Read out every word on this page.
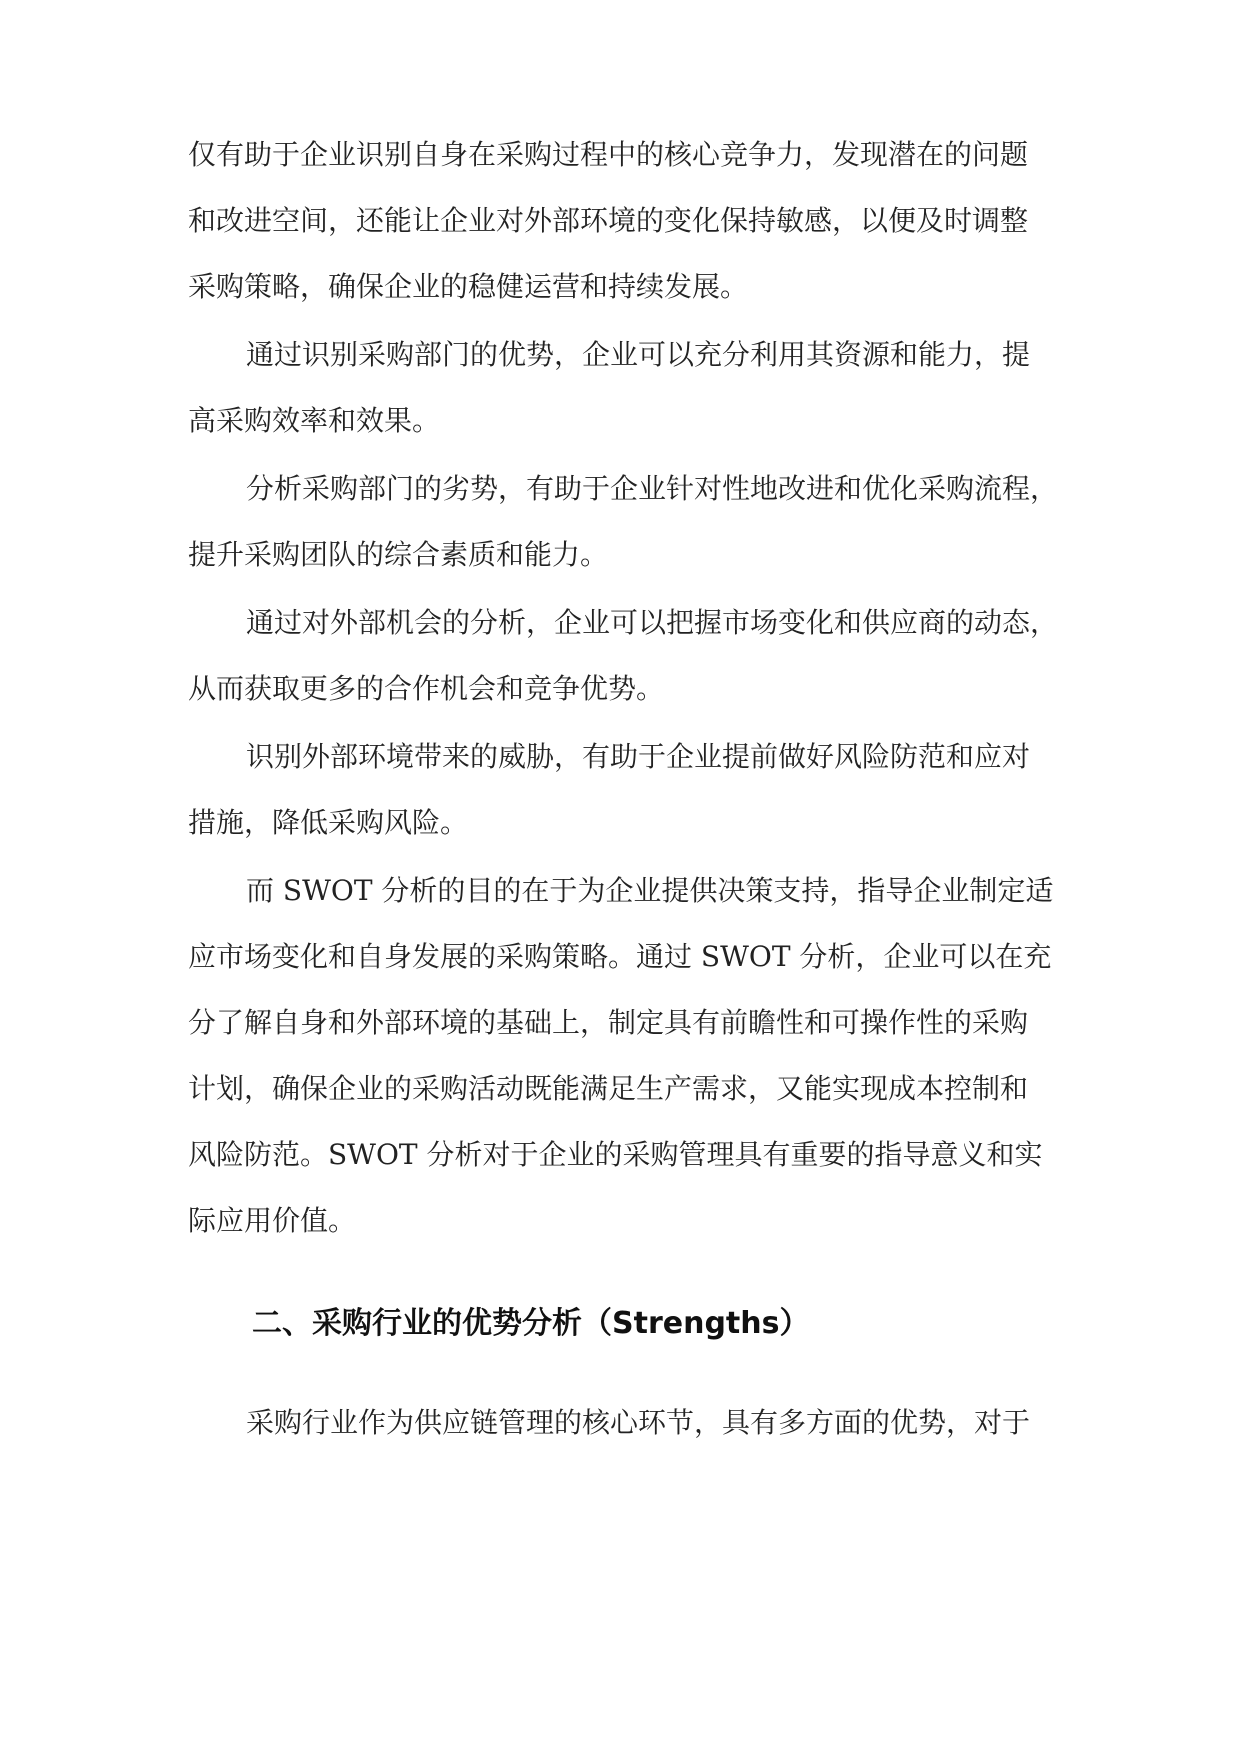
仅有助于企业识别自身在采购过程中的核心竞争力，发现潜在的问题
和改进空间，还能让企业对外部环境的变化保持敏感，以便及时调整
采购策略，确保企业的稳健运营和持续发展。
通过识别采购部门的优势，企业可以充分利用其资源和能力，提
高采购效率和效果。
分析采购部门的劣势，有助于企业针对性地改进和优化采购流程，
提升采购团队的综合素质和能力。
通过对外部机会的分析，企业可以把握市场变化和供应商的动态，
从而获取更多的合作机会和竞争优势。
识别外部环境带来的威胁，有助于企业提前做好风险防范和应对
措施，降低采购风险。
而 SWOT 分析的目的在于为企业提供决策支持，指导企业制定适
应市场变化和自身发展的采购策略。通过 SWOT 分析，企业可以在充
分了解自身和外部环境的基础上，制定具有前瞻性和可操作性的采购
计划，确保企业的采购活动既能满足生产需求，又能实现成本控制和
风险防范。SWOT 分析对于企业的采购管理具有重要的指导意义和实
际应用价值。
二、采购行业的优势分析（Strengths）
采购行业作为供应链管理的核心环节，具有多方面的优势，对于
